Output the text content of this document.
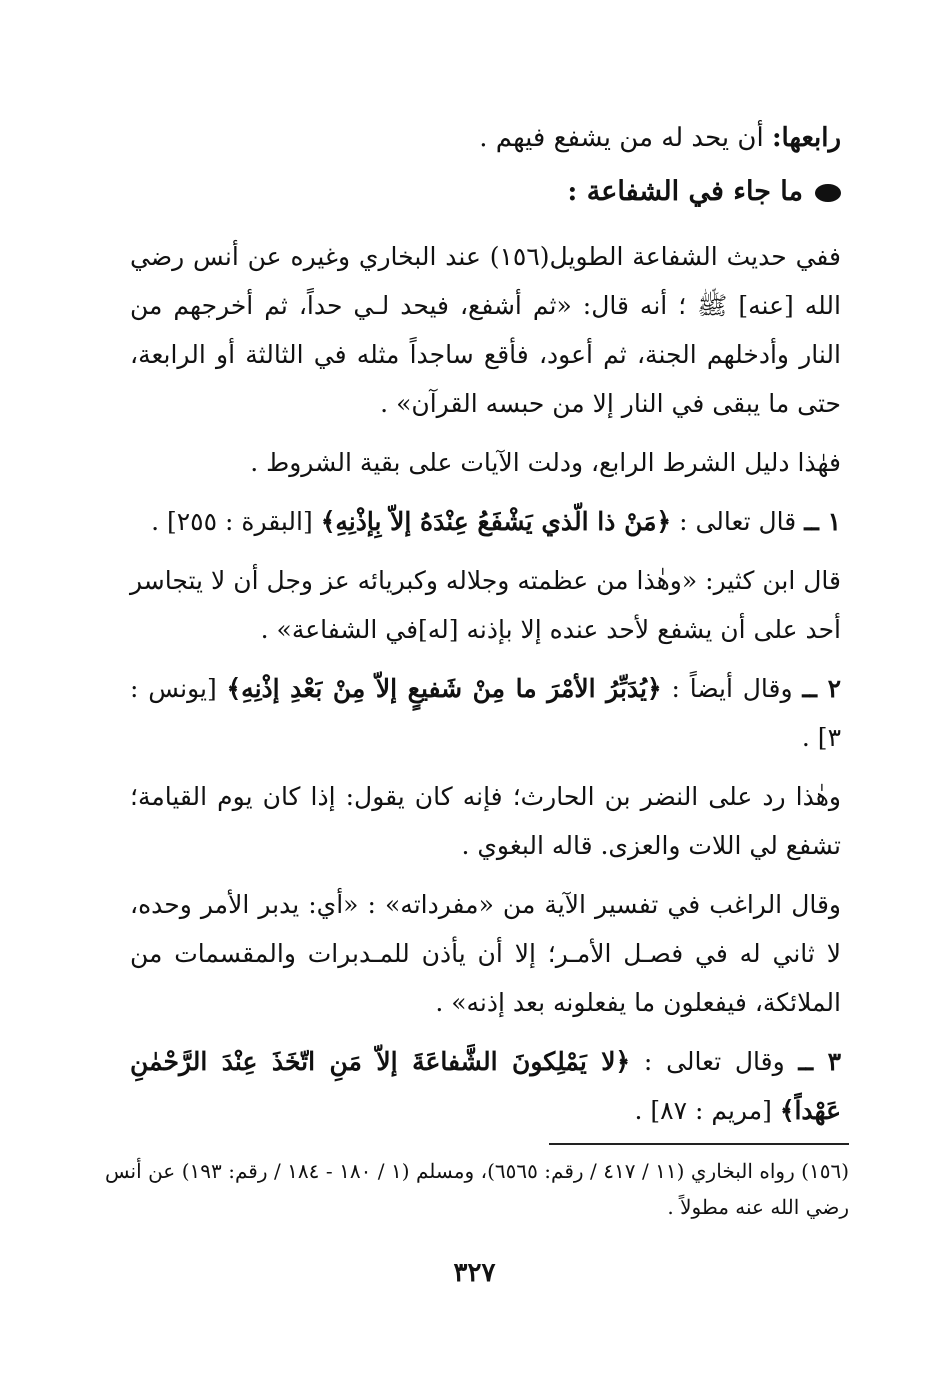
رابعها: أن يحد له من يشفع فيهم .

ما جاء في الشفاعة :

ففي حديث الشفاعة الطويل(١٥٦) عند البخاري وغيره عن أنس رضي الله [عنه] ﷺ ؛ أنه قال: «ثم أشفع، فيحد لـي حداً، ثم أخرجهم من النار وأدخلهم الجنة، ثم أعود، فأقع ساجداً مثله في الثالثة أو الرابعة، حتى ما يبقى في النار إلا من حبسه القرآن» .

فهٰذا دليل الشرط الرابع، ودلت الآيات على بقية الشروط .

١ ــ قال تعالى : ﴿مَنْ ذا الّذي يَشْفَعُ عِنْدَهُ إلاّ بِإذْنِهِ﴾ [البقرة : ٢٥٥] .

قال ابن كثير: «وهٰذا من عظمته وجلاله وكبريائه عز وجل أن لا يتجاسر أحد على أن يشفع لأحد عنده إلا بإذنه [له]في الشفاعة» .

٢ ــ وقال أيضاً : ﴿يُدَبِّرُ الأمْرَ ما مِنْ شَفيعٍ إلاّ مِنْ بَعْدِ إذْنِهِ﴾ [يونس : ٣] .

وهٰذا رد على النضر بن الحارث؛ فإنه كان يقول: إذا كان يوم القيامة؛ تشفع لي اللات والعزى. قاله البغوي .

وقال الراغب في تفسير الآية من «مفرداته» : «أي: يدبر الأمر وحده، لا ثاني له في فصـل الأمـر؛ إلا أن يأذن للمـدبرات والمقسمات من الملائكة، فيفعلون ما يفعلونه بعد إذنه» .

٣ ــ وقال تعالى : ﴿لا يَمْلِكونَ الشَّفاعَةَ إلاّ مَنِ اتّخَذَ عِنْدَ الرَّحْمٰنِ عَهْداً﴾ [مريم : ٨٧] .

(١٥٦) رواه البخاري (١١ / ٤١٧ / رقم: ٦٥٦٥)، ومسلم (١ / ١٨٠ - ١٨٤ / رقم: ١٩٣) عن أنس رضي الله عنه مطولاً .
٣٢٧
